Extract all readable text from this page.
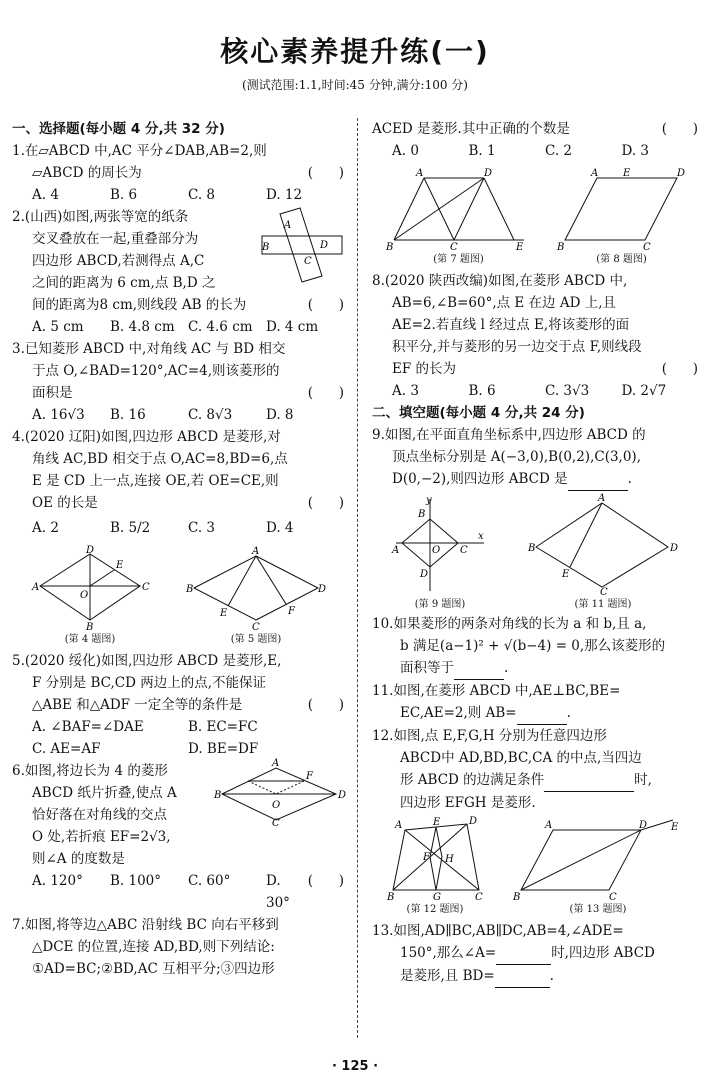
核心素养提升练(一)
(测试范围:1.1,时间:45 分钟,满分:100 分)
一、选择题(每小题 4 分,共 32 分)
1.在▱ABCD 中,AC 平分∠DAB,AB=2,则
▱ABCD 的周长为	(      )
A. 4	B. 6	C. 8	D. 12
A
B
C
D
2.(山西)如图,两张等宽的纸条
交叉叠放在一起,重叠部分为
四边形 ABCD,若测得点 A,C
之间的距离为 6 cm,点 B,D 之
间的距离为8 cm,则线段 AB 的长为	(      )
A. 5 cm	B. 4.8 cm C. 4.6 cm D. 4 cm
3.已知菱形 ABCD 中,对角线 AC 与 BD 相交
于点 O,∠BAD=120°,AC=4,则该菱形的
面积是	(      )
A. 16√3	B. 16	C. 8√3	D. 8
4.(2020 辽阳)如图,四边形 ABCD 是菱形,对
角线 AC,BD 相交于点 O,AC=8,BD=6,点
E 是 CD 上一点,连接 OE,若 OE=CE,则
OE 的长是	(      )
A. 2	B. 5/2	C. 3	D. 4
A
D
C
B
E
O
(第 4 题图)
B
A
D
C
E	F
(第 5 题图)
5.(2020 绥化)如图,四边形 ABCD 是菱形,E,
F 分别是 BC,CD 两边上的点,不能保证
△ABE 和△ADF 一定全等的条件是	(      )
A. ∠BAF=∠DAE	B. EC=FC
C. AE=AF	D. BE=DF
B
A
D
O
C
F
6.如图,将边长为 4 的菱形
ABCD 纸片折叠,使点 A
恰好落在对角线的交点
O 处,若折痕 EF=2√3,
则∠A 的度数是
A. 120°	B. 100°	C. 60°	D. 30°
(      )
7.如图,将等边△ABC 沿射线 BC 向右平移到
△DCE 的位置,连接 AD,BD,则下列结论:
①AD=BC;②BD,AC 互相平分;③四边形
ACED 是菱形.其中正确的个数是	(      )
A. 0	B. 1	C. 2	D. 3
A	D
B	C	E
(第 7 题图)
B
A E	D
C
(第 8 题图)
8.(2020 陕西改编)如图,在菱形 ABCD 中,
AB=6,∠B=60°,点 E 在边 AD 上,且
AE=2.若直线 l 经过点 E,将该菱形的面
积平分,并与菱形的另一边交于点 F,则线段
EF 的长为	(      )
A. 3	B. 6	C. 3√3	D. 2√7
二、填空题(每小题 4 分,共 24 分)
9.如图,在平面直角坐标系中,四边形 ABCD 的
顶点坐标分别是 A(−3,0),B(0,2),C(3,0),
D(0,−2),则四边形 ABCD 是	.
y
x
A
B
C
D
O
(第 9 题图)
B
A
D
C
E
(第 11 题图)
10.如果菱形的两条对角线的长为 a 和 b,且 a,
b 满足(a−1)² + √(b−4) = 0,那么该菱形的
面积等于	.
11.如图,在菱形 ABCD 中,AE⊥BC,BE=
EC,AE=2,则 AB=	.
12.如图,点 E,F,G,H 分别为任意四边形
ABCD中 AD,BD,BC,CA 的中点,当四边
形 ABCD 的边满足条件	时,
四边形 EFGH 是菱形.
A	D
B	C
E
F
G
H
(第 12 题图)
B
A	D
C
E
(第 13 题图)
13.如图,AD∥BC,AB∥DC,AB=4,∠ADE=
150°,那么∠A=	时,四边形 ABCD
是菱形,且 BD=	.
· 125 ·
